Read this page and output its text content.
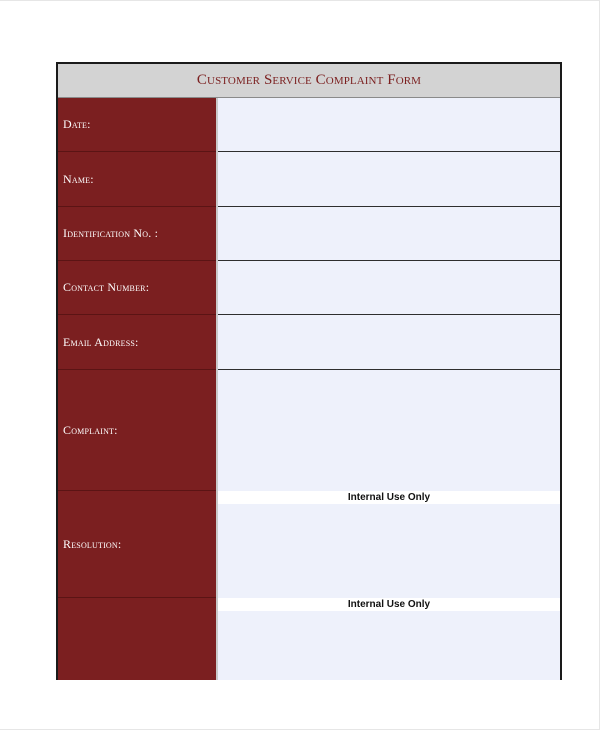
Customer Service Complaint Form
Date:
Name:
Identification No. :
Contact Number:
Email Address:
Complaint:
Resolution:
Internal Use Only
Internal Use Only
